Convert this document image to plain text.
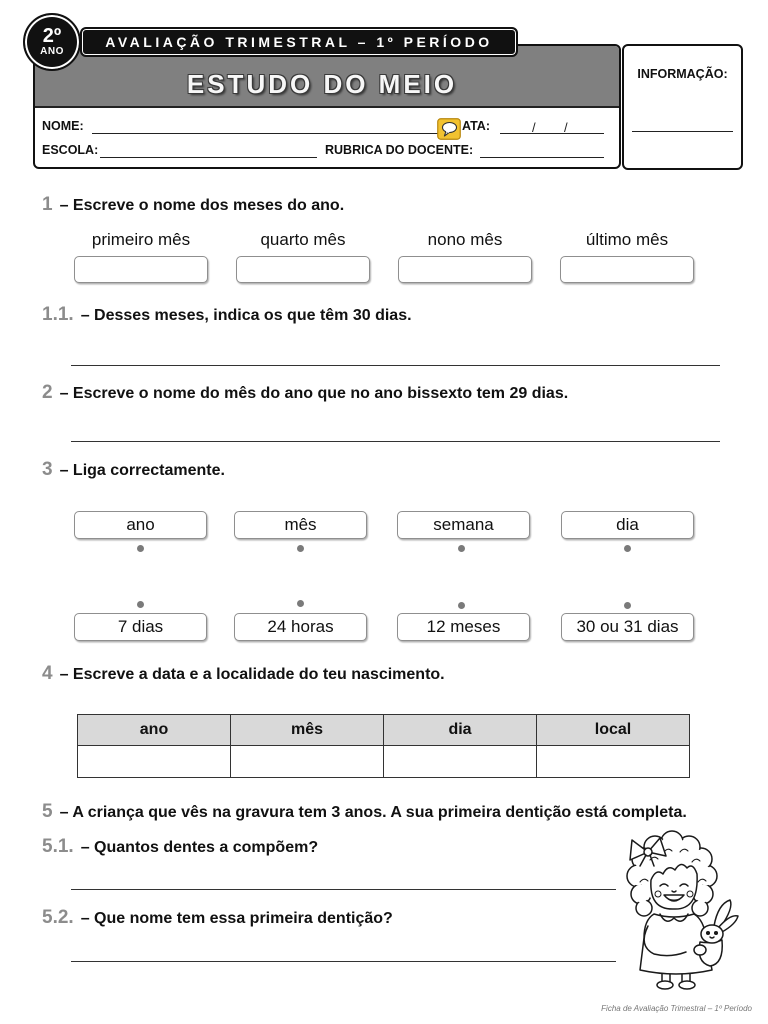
2º
ANO
AVALIAÇÃO TRIMESTRAL – 1º PERÍODO
ESTUDO DO MEIO
NOME:	ATA:	/ /
ESCOLA:	RUBRICA DO DOCENTE:
INFORMAÇÃO:
1 – Escreve o nome dos meses do ano.
primeiro mês	quarto mês	nono mês	último mês
1.1. – Desses meses, indica os que têm 30 dias.
2 – Escreve o nome do mês do ano que no ano bissexto tem 29 dias.
3 – Liga correctamente.
ano	mês	semana	dia
7 dias	24 horas	12 meses	30 ou 31 dias
4 – Escreve a data e a localidade do teu nascimento.
ano	mês	dia	local

5 – A criança que vês na gravura tem 3 anos. A sua primeira dentição está completa.
5.1. – Quantos dentes a compõem?
5.2. – Que nome tem essa primeira dentição?
Ficha de Avaliação Trimestral – 1º Período
